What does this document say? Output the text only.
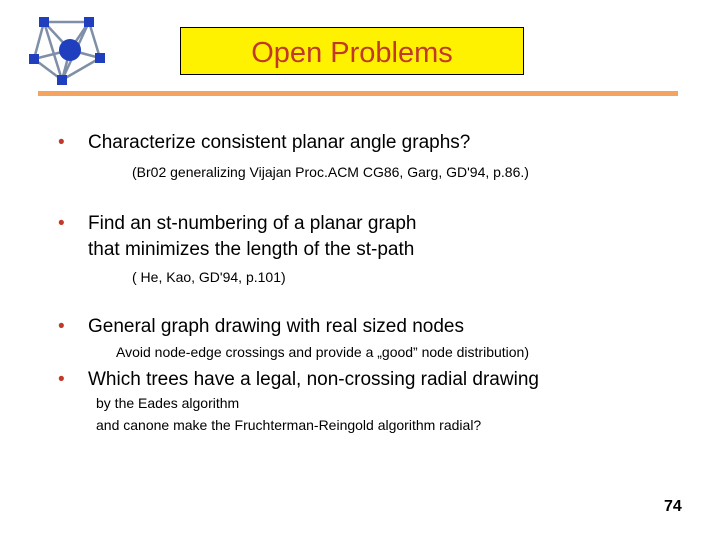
Open Problems
• Characterize consistent planar angle graphs?
(Br02 generalizing Vijajan Proc.ACM CG86, Garg, GD'94, p.86.)
• Find an st-numbering of a planar graph
that minimizes the length of the st-path
( He, Kao, GD'94, p.101)
• General graph drawing with real sized nodes
Avoid node-edge crossings and provide a „good” node distribution)
• Which trees have a legal, non-crossing radial drawing
by the Eades algorithm
and canone make the Fruchterman-Reingold algorithm radial?
74
